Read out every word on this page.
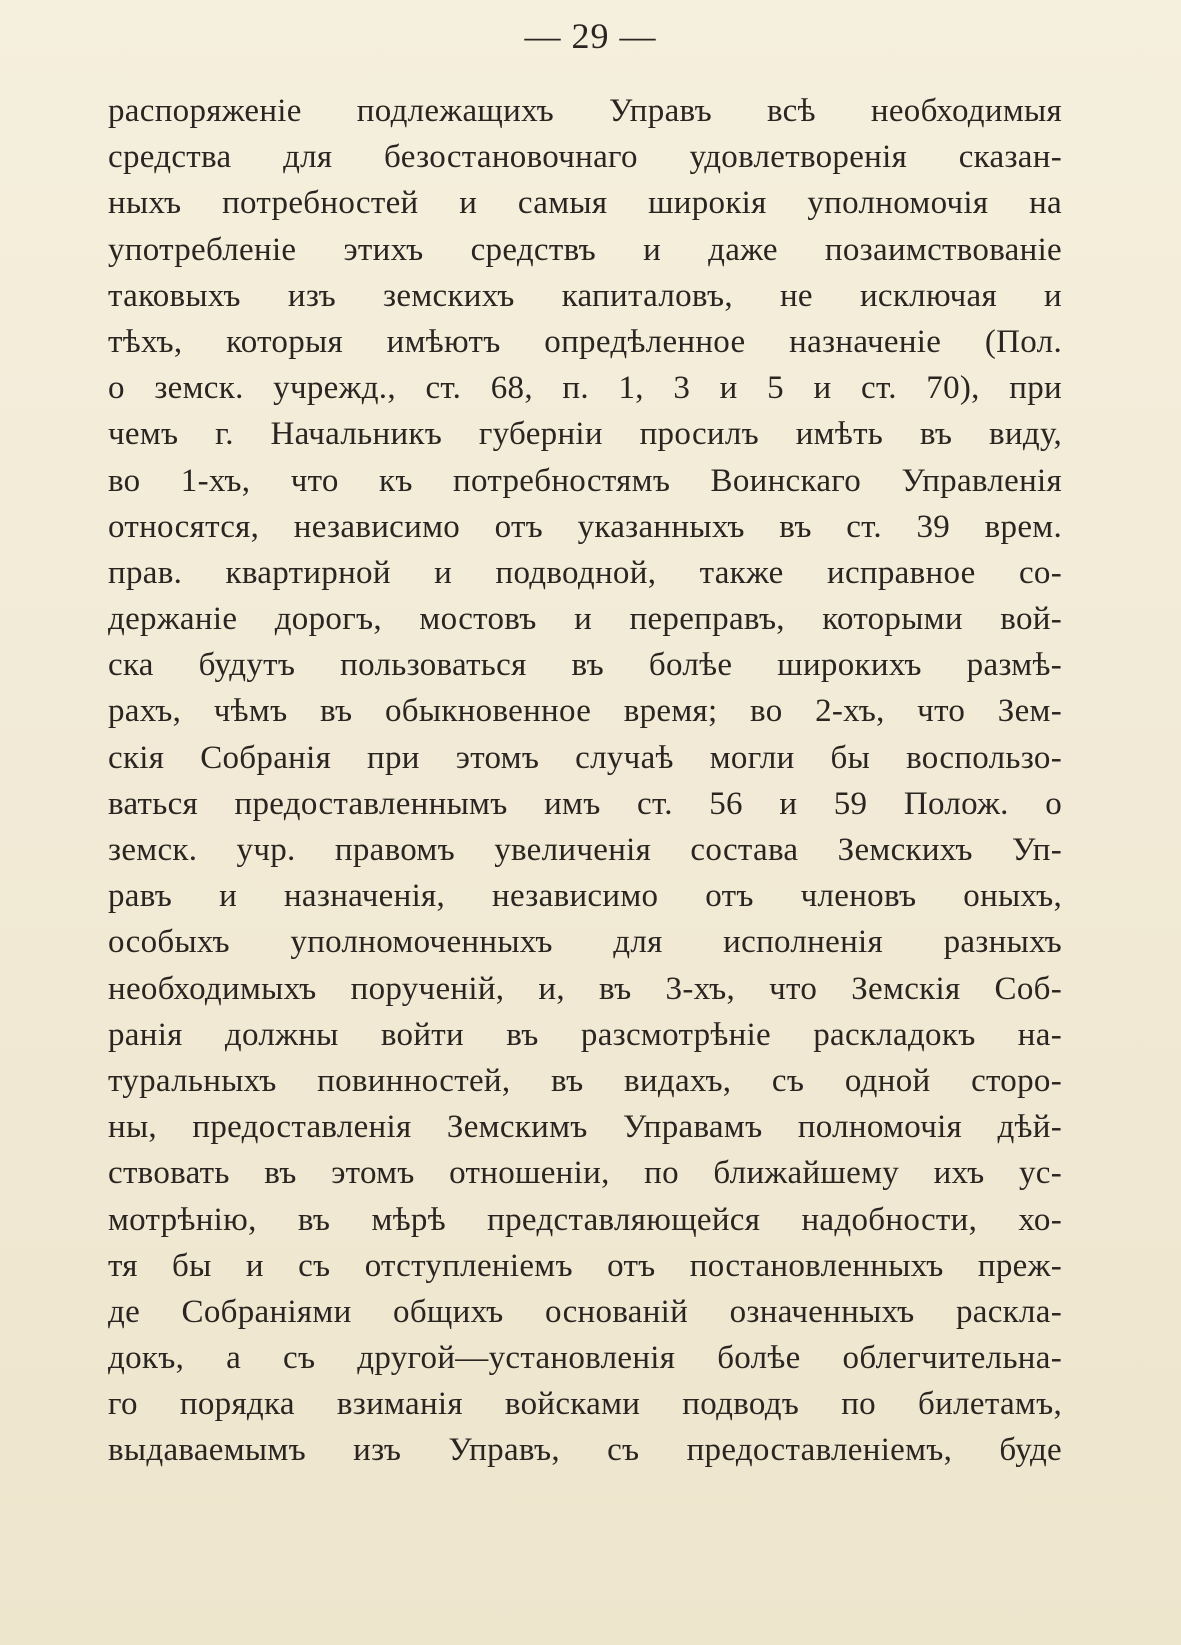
— 29 —
распоряженіе подлежащихъ Управъ всѣ необходимыя
средства для безостановочнаго удовлетворенія сказан-
ныхъ потребностей и самыя широкія уполномочія на
употребленіе этихъ средствъ и даже позаимствованіе
таковыхъ изъ земскихъ капиталовъ, не исключая и
тѣхъ, которыя имѣютъ опредѣленное назначеніе (Пол.
о земск. учрежд., ст. 68, п. 1, 3 и 5 и ст. 70), при
чемъ г. Начальникъ губерніи просилъ имѣть въ виду,
во 1-хъ, что къ потребностямъ Воинскаго Управленія
относятся, независимо отъ указанныхъ въ ст. 39 врем.
прав. квартирной и подводной, также исправное со-
держаніе дорогъ, мостовъ и переправъ, которыми вой-
ска будутъ пользоваться въ болѣе широкихъ размѣ-
рахъ, чѣмъ въ обыкновенное время; во 2-хъ, что Зем-
скія Собранія при этомъ случаѣ могли бы воспользо-
ваться предоставленнымъ имъ ст. 56 и 59 Полож. о
земск. учр. правомъ увеличенія состава Земскихъ Уп-
равъ и назначенія, независимо отъ членовъ оныхъ,
особыхъ уполномоченныхъ для исполненія разныхъ
необходимыхъ порученій, и, въ 3-хъ, что Земскія Соб-
ранія должны войти въ разсмотрѣніе раскладокъ на-
туральныхъ повинностей, въ видахъ, съ одной сторо-
ны, предоставленія Земскимъ Управамъ полномочія дѣй-
ствовать въ этомъ отношеніи, по ближайшему ихъ ус-
мотрѣнію, въ мѣрѣ представляющейся надобности, хо-
тя бы и съ отступленіемъ отъ постановленныхъ преж-
де Собраніями общихъ основаній означенныхъ раскла-
докъ, а съ другой—установленія болѣе облегчительна-
го порядка взиманія войсками подводъ по билетамъ,
выдаваемымъ изъ Управъ, съ предоставленіемъ, буде
